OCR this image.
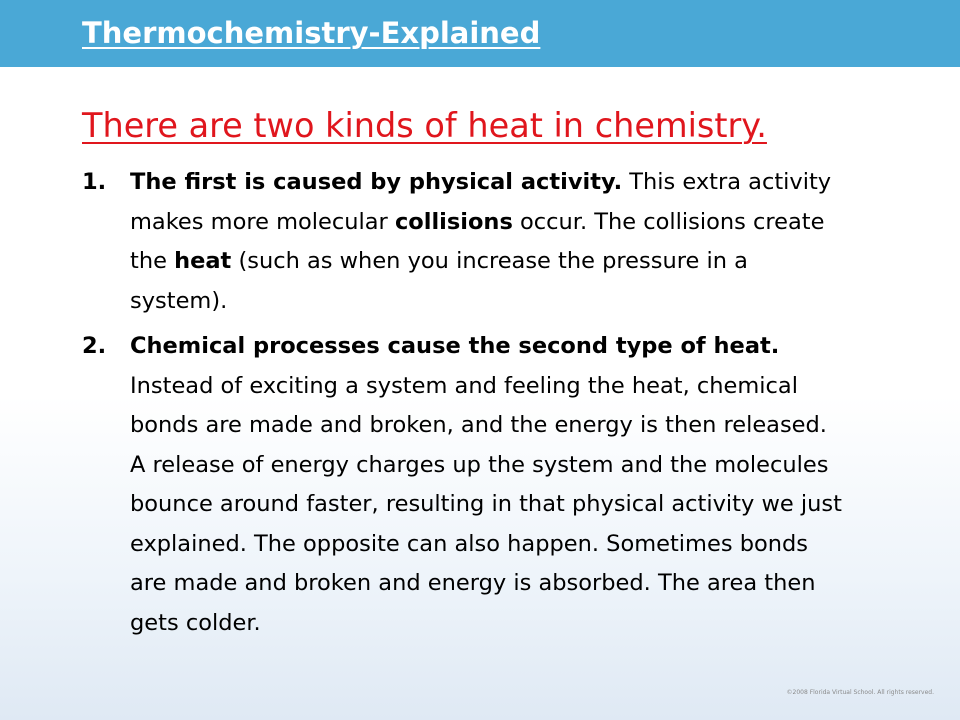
Thermochemistry-Explained
There are two kinds of heat in chemistry.
1. The first is caused by physical activity. This extra activity makes more molecular collisions occur. The collisions create the heat (such as when you increase the pressure in a system).
2. Chemical processes cause the second type of heat. Instead of exciting a system and feeling the heat, chemical bonds are made and broken, and the energy is then released. A release of energy charges up the system and the molecules bounce around faster, resulting in that physical activity we just explained. The opposite can also happen. Sometimes bonds are made and broken and energy is absorbed. The area then gets colder.
©2008 Florida Virtual School. All rights reserved.
